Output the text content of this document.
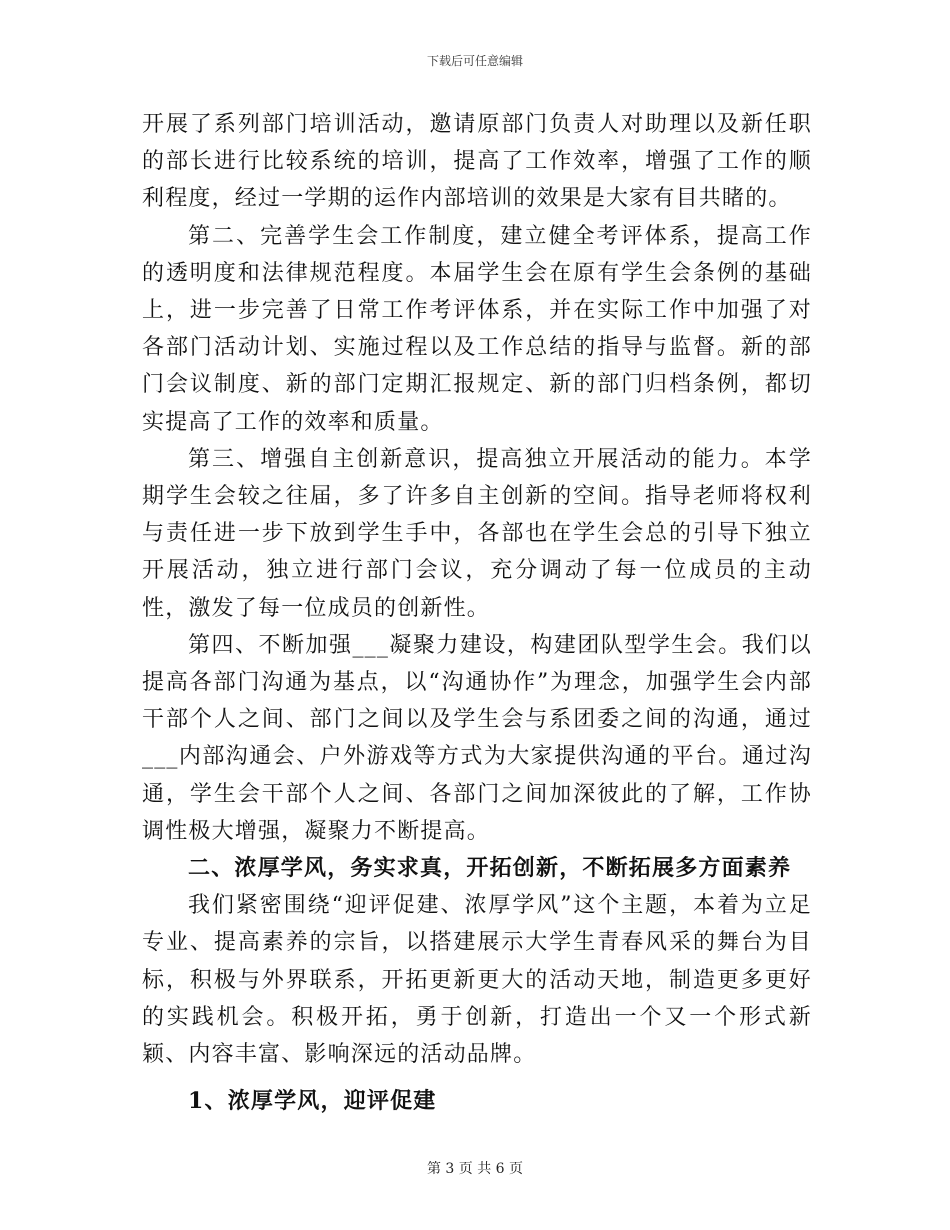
下载后可任意编辑

开展了系列部门培训活动，邀请原部门负责人对助理以及新任职的部长进行比较系统的培训，提高了工作效率，增强了工作的顺利程度，经过一学期的运作内部培训的效果是大家有目共睹的。

第二、完善学生会工作制度，建立健全考评体系，提高工作的透明度和法律规范程度。本届学生会在原有学生会条例的基础上，进一步完善了日常工作考评体系，并在实际工作中加强了对各部门活动计划、实施过程以及工作总结的指导与监督。新的部门会议制度、新的部门定期汇报规定、新的部门归档条例，都切实提高了工作的效率和质量。

第三、增强自主创新意识，提高独立开展活动的能力。本学期学生会较之往届，多了许多自主创新的空间。指导老师将权利与责任进一步下放到学生手中，各部也在学生会总的引导下独立开展活动，独立进行部门会议，充分调动了每一位成员的主动性，激发了每一位成员的创新性。

第四、不断加强___凝聚力建设，构建团队型学生会。我们以提高各部门沟通为基点，以“沟通协作”为理念，加强学生会内部干部个人之间、部门之间以及学生会与系团委之间的沟通，通过___内部沟通会、户外游戏等方式为大家提供沟通的平台。通过沟通，学生会干部个人之间、各部门之间加深彼此的了解，工作协调性极大增强，凝聚力不断提高。

二、浓厚学风，务实求真，开拓创新，不断拓展多方面素养

我们紧密围绕“迎评促建、浓厚学风”这个主题，本着为立足专业、提高素养的宗旨，以搭建展示大学生青春风采的舞台为目标，积极与外界联系，开拓更新更大的活动天地，制造更多更好的实践机会。积极开拓，勇于创新，打造出一个又一个形式新颖、内容丰富、影响深远的活动品牌。

1、浓厚学风，迎评促建

第 3 页 共 6 页
